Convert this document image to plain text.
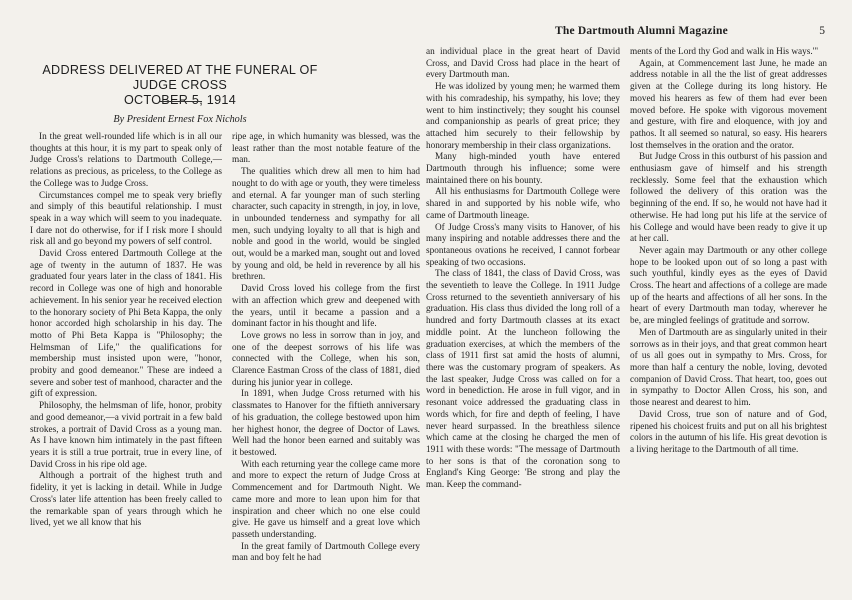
The Dartmouth Alumni Magazine	5
ADDRESS DELIVERED AT THE FUNERAL OF JUDGE CROSS
OCTOBER 5, 1914
By President Ernest Fox Nichols

In the great well-rounded life which is in all our thoughts at this hour, it is my part to speak only of Judge Cross's relations to Dartmouth College,—relations as precious, as priceless, to the College as the College was to Judge Cross.

Circumstances compel me to speak very briefly and simply of this beautiful relationship. I must speak in a way which will seem to you inadequate. I dare not do otherwise, for if I risk more I should risk all and go beyond my powers of self control.

David Cross entered Dartmouth College at the age of twenty in the autumn of 1837. He was graduated four years later in the class of 1841. His record in College was one of high and honorable achievement. In his senior year he received election to the honorary society of Phi Beta Kappa, the only honor accorded high scholarship in his day. The motto of Phi Beta Kappa is "Philosophy; the Helmsman of Life," the qualifications for membership must insisted upon were, "honor, probity and good demeanor." These are indeed a severe and sober test of manhood, character and the gift of expression.

Philosophy, the helmsman of life, honor, probity and good demeanor,—a vivid portrait in a few bald strokes, a portrait of David Cross as a young man. As I have known him intimately in the past fifteen years it is still a true portrait, true in every line, of David Cross in his ripe old age.

Although a portrait of the highest truth and fidelity, it yet is lacking in detail. While in Judge Cross's later life attention has been freely called to the remarkable span of years through which he lived, yet we all know that his

ripe age, in which humanity was blessed, was the least rather than the most notable feature of the man.

The qualities which drew all men to him had nought to do with age or youth, they were timeless and eternal. A far younger man of such sterling character, such capacity in strength, in joy, in love, in unbounded tenderness and sympathy for all men, such undying loyalty to all that is high and noble and good in the world, would be singled out, would be a marked man, sought out and loved by young and old, be held in reverence by all his brethren.

David Cross loved his college from the first with an affection which grew and deepened with the years, until it became a passion and a dominant factor in his thought and life.

Love grows no less in sorrow than in joy, and one of the deepest sorrows of his life was connected with the College, when his son, Clarence Eastman Cross of the class of 1881, died during his junior year in college.

In 1891, when Judge Cross returned with his classmates to Hanover for the fiftieth anniversary of his graduation, the college bestowed upon him her highest honor, the degree of Doctor of Laws. Well had the honor been earned and suitably was it bestowed.

With each returning year the college came more and more to expect the return of Judge Cross at Commencement and for Dartmouth Night. We came more and more to lean upon him for that inspiration and cheer which no one else could give. He gave us himself and a great love which passeth understanding.

In the great family of Dartmouth College every man and boy felt he had

an individual place in the great heart of David Cross, and David Cross had place in the heart of every Dartmouth man.

He was idolized by young men; he warmed them with his comradeship, his sympathy, his love; they went to him instinctively; they sought his counsel and companionship as pearls of great price; they attached him securely to their fellowship by honorary membership in their class organizations.

Many high-minded youth have entered Dartmouth through his influence; some were maintained there on his bounty.

All his enthusiasms for Dartmouth College were shared in and supported by his noble wife, who came of Dartmouth lineage.

Of Judge Cross's many visits to Hanover, of his many inspiring and notable addresses there and the spontaneous ovations he received, I cannot forbear speaking of two occasions.

The class of 1841, the class of David Cross, was the seventieth to leave the College. In 1911 Judge Cross returned to the seventieth anniversary of his graduation. His class thus divided the long roll of a hundred and forty Dartmouth classes at its exact middle point. At the luncheon following the graduation exercises, at which the members of the class of 1911 first sat amid the hosts of alumni, there was the customary program of speakers. As the last speaker, Judge Cross was called on for a word in benediction. He arose in full vigor, and in resonant voice addressed the graduating class in words which, for fire and depth of feeling, I have never heard surpassed. In the breathless silence which came at the closing he charged the men of 1911 with these words: "The message of Dartmouth to her sons is that of the coronation song to England's King George: 'Be strong and play the man. Keep the command-

ments of the Lord thy God and walk in His ways.'"

Again, at Commencement last June, he made an address notable in all the the list of great addresses given at the College during its long history. He moved his hearers as few of them had ever been moved before. He spoke with vigorous movement and gesture, with fire and eloquence, with joy and pathos. It all seemed so natural, so easy. His hearers lost themselves in the oration and the orator.

But Judge Cross in this outburst of his passion and enthusiasm gave of himself and his strength recklessly. Some feel that the exhaustion which followed the delivery of this oration was the beginning of the end. If so, he would not have had it otherwise. He had long put his life at the service of his College and would have been ready to give it up at her call.

Never again may Dartmouth or any other college hope to be looked upon out of so long a past with such youthful, kindly eyes as the eyes of David Cross. The heart and affections of a college are made up of the hearts and affections of all her sons. In the heart of every Dartmouth man today, wherever he be, are mingled feelings of gratitude and sorrow.

Men of Dartmouth are as singularly united in their sorrows as in their joys, and that great common heart of us all goes out in sympathy to Mrs. Cross, for more than half a century the noble, loving, devoted companion of David Cross. That heart, too, goes out in sympathy to Doctor Allen Cross, his son, and those nearest and dearest to him.

David Cross, true son of nature and of God, ripened his choicest fruits and put on all his brightest colors in the autumn of his life. His great devotion is a living heritage to the Dartmouth of all time.
